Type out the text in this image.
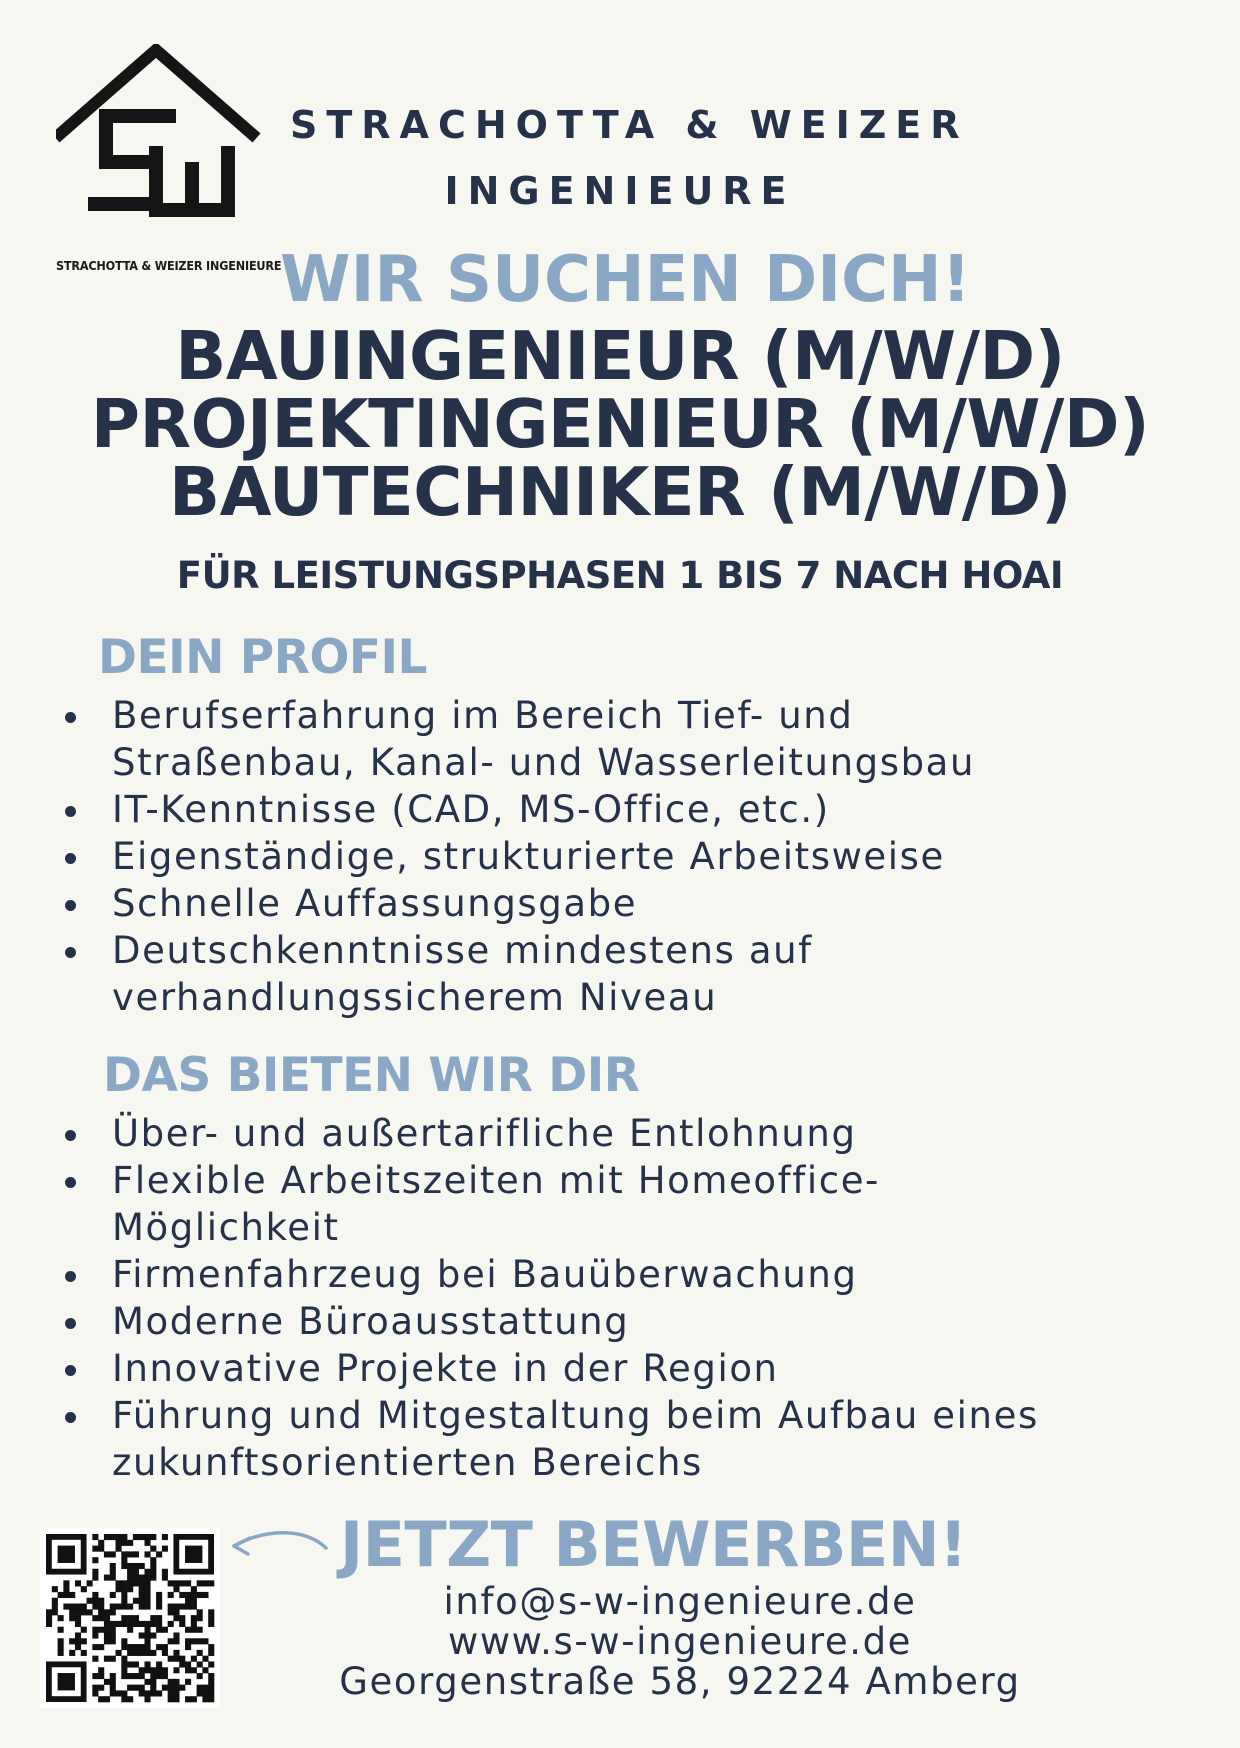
STRACHOTTA & WEIZER INGENIEURE
STRACHOTTA & WEIZER
INGENIEURE
WIR SUCHEN DICH!
BAUINGENIEUR (M/W/D)
PROJEKTINGENIEUR (M/W/D)
BAUTECHNIKER (M/W/D)
FÜR LEISTUNGSPHASEN 1 BIS 7 NACH HOAI
DEIN PROFIL
Berufserfahrung im Bereich Tief- und
Straßenbau, Kanal- und Wasserleitungsbau
IT-Kenntnisse (CAD, MS-Office, etc.)
Eigenständige, strukturierte Arbeitsweise
Schnelle Auffassungsgabe
Deutschkenntnisse mindestens auf
verhandlungssicherem Niveau
DAS BIETEN WIR DIR
Über- und außertarifliche Entlohnung
Flexible Arbeitszeiten mit Homeoffice-
Möglichkeit
Firmenfahrzeug bei Bauüberwachung
Moderne Büroausstattung
Innovative Projekte in der Region
Führung und Mitgestaltung beim Aufbau eines
zukunftsorientierten Bereichs
JETZT BEWERBEN!
info@s-w-ingenieure.de
www.s-w-ingenieure.de
Georgenstraße 58, 92224 Amberg
